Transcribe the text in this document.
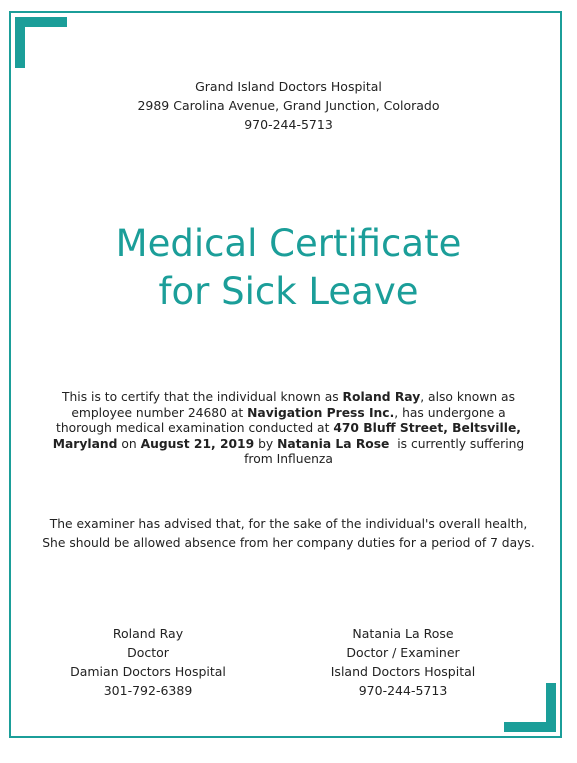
Grand Island Doctors Hospital
2989 Carolina Avenue, Grand Junction, Colorado
970-244-5713
Medical Certificate
for Sick Leave
This is to certify that the individual known as Roland Ray, also known as employee number 24680 at Navigation Press Inc., has undergone a thorough medical examination conducted at 470 Bluff Street, Beltsville, Maryland on August 21, 2019 by Natania La Rose  is currently suffering from Influenza
The examiner has advised that, for the sake of the individual's overall health,
She should be allowed absence from her company duties for a period of 7 days.
Roland Ray
Doctor
Damian Doctors Hospital
301-792-6389
Natania La Rose
Doctor / Examiner
Island Doctors Hospital
970-244-5713
